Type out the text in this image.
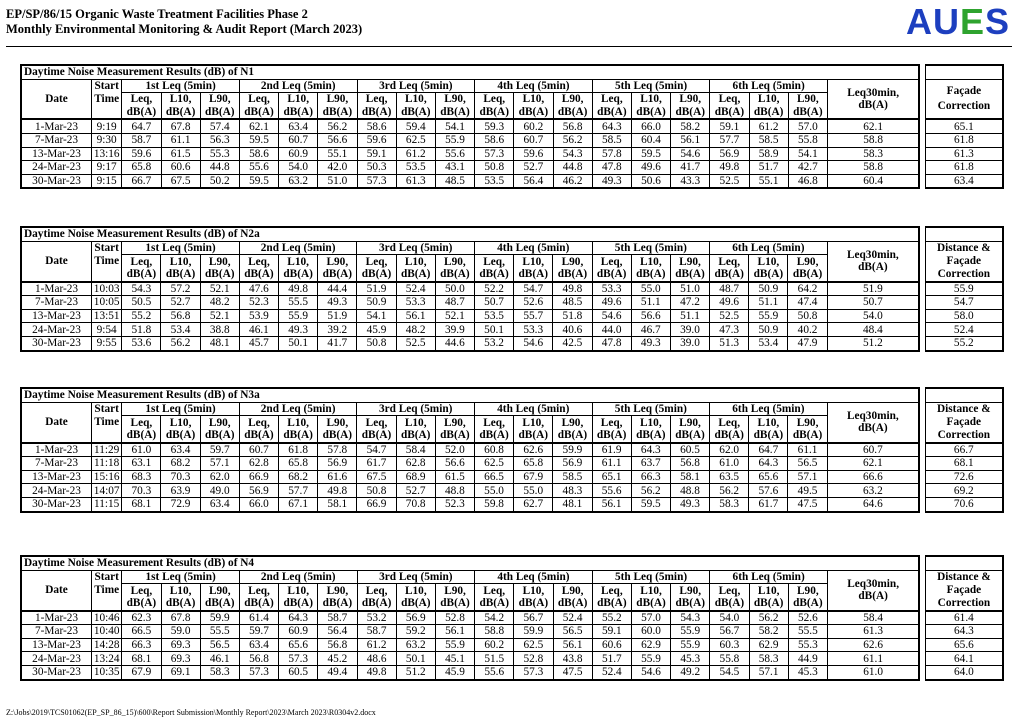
EP/SP/86/15 Organic Waste Treatment Facilities Phase 2
Monthly Environmental Monitoring & Audit Report (March 2023)	AUES
Daytime Noise Measurement Results (dB) of N1																						
Date	Start	1st Leq (5min)			2nd Leq (5min)			3rd Leq (5min)			4th Leq (5min)			5th Leq (5min)			6th Leq (5min)			Leq30min,
dB(A)		Façade
Correction
	Time	Leq,	L10,	L90,	Leq,	L10,	L90,	Leq,	L10,	L90,	Leq,	L10,	L90,	Leq,	L10,	L90,	Leq,	L10,	L90,			
		dB(A)	dB(A)	dB(A)	dB(A)	dB(A)	dB(A)	dB(A)	dB(A)	dB(A)	dB(A)	dB(A)	dB(A)	dB(A)	dB(A)	dB(A)	dB(A)	dB(A)	dB(A)			
1-Mar-23	9:19	64.7	67.8	57.4	62.1	63.4	56.2	58.6	59.4	54.1	59.3	60.2	56.8	64.3	66.0	58.2	59.1	61.2	57.0	62.1		65.1
7-Mar-23	9:30	58.7	61.1	56.3	59.5	60.7	56.6	59.6	62.5	55.9	58.6	60.7	56.2	58.5	60.4	56.1	57.7	58.5	55.8	58.8		61.8
13-Mar-23	13:16	59.6	61.5	55.3	58.6	60.9	55.1	59.1	61.2	55.6	57.3	59.6	54.3	57.8	59.5	54.6	56.9	58.9	54.1	58.3		61.3
24-Mar-23	9:17	65.8	60.6	44.8	55.6	54.0	42.0	50.3	53.5	43.1	50.8	52.7	44.8	47.8	49.6	41.7	49.8	51.7	42.7	58.8		61.8
30-Mar-23	9:15	66.7	67.5	50.2	59.5	63.2	51.0	57.3	61.3	48.5	53.5	56.4	46.2	49.3	50.6	43.3	52.5	55.1	46.8	60.4		63.4
Daytime Noise Measurement Results (dB) of N2a																						
Date	Start	1st Leq (5min)			2nd Leq (5min)			3rd Leq (5min)			4th Leq (5min)			5th Leq (5min)			6th Leq (5min)			Leq30min,
dB(A)		Distance &
Façade
Correction
	Time	Leq,	L10,	L90,	Leq,	L10,	L90,	Leq,	L10,	L90,	Leq,	L10,	L90,	Leq,	L10,	L90,	Leq,	L10,	L90,			
		dB(A)	dB(A)	dB(A)	dB(A)	dB(A)	dB(A)	dB(A)	dB(A)	dB(A)	dB(A)	dB(A)	dB(A)	dB(A)	dB(A)	dB(A)	dB(A)	dB(A)	dB(A)			
1-Mar-23	10:03	54.3	57.2	52.1	47.6	49.8	44.4	51.9	52.4	50.0	52.2	54.7	49.8	53.3	55.0	51.0	48.7	50.9	64.2	51.9		55.9
7-Mar-23	10:05	50.5	52.7	48.2	52.3	55.5	49.3	50.9	53.3	48.7	50.7	52.6	48.5	49.6	51.1	47.2	49.6	51.1	47.4	50.7		54.7
13-Mar-23	13:51	55.2	56.8	52.1	53.9	55.9	51.9	54.1	56.1	52.1	53.5	55.7	51.8	54.6	56.6	51.1	52.5	55.9	50.8	54.0		58.0
24-Mar-23	9:54	51.8	53.4	38.8	46.1	49.3	39.2	45.9	48.2	39.9	50.1	53.3	40.6	44.0	46.7	39.0	47.3	50.9	40.2	48.4		52.4
30-Mar-23	9:55	53.6	56.2	48.1	45.7	50.1	41.7	50.8	52.5	44.6	53.2	54.6	42.5	47.8	49.3	39.0	51.3	53.4	47.9	51.2		55.2
Daytime Noise Measurement Results (dB) of N3a																						
Date	Start	1st Leq (5min)			2nd Leq (5min)			3rd Leq (5min)			4th Leq (5min)			5th Leq (5min)			6th Leq (5min)			Leq30min,
dB(A)		Distance &
Façade
Correction
	Time	Leq,	L10,	L90,	Leq,	L10,	L90,	Leq,	L10,	L90,	Leq,	L10,	L90,	Leq,	L10,	L90,	Leq,	L10,	L90,			
		dB(A)	dB(A)	dB(A)	dB(A)	dB(A)	dB(A)	dB(A)	dB(A)	dB(A)	dB(A)	dB(A)	dB(A)	dB(A)	dB(A)	dB(A)	dB(A)	dB(A)	dB(A)			
1-Mar-23	11:29	61.0	63.4	59.7	60.7	61.8	57.8	54.7	58.4	52.0	60.8	62.6	59.9	61.9	64.3	60.5	62.0	64.7	61.1	60.7		66.7
7-Mar-23	11:18	63.1	68.2	57.1	62.8	65.8	56.9	61.7	62.8	56.6	62.5	65.8	56.9	61.1	63.7	56.8	61.0	64.3	56.5	62.1		68.1
13-Mar-23	15:16	68.3	70.3	62.0	66.9	68.2	61.6	67.5	68.9	61.5	66.5	67.9	58.5	65.1	66.3	58.1	63.5	65.6	57.1	66.6		72.6
24-Mar-23	14:07	70.3	63.9	49.0	56.9	57.7	49.8	50.8	52.7	48.8	55.0	55.0	48.3	55.6	56.2	48.8	56.2	57.6	49.5	63.2		69.2
30-Mar-23	11:15	68.1	72.9	63.4	66.0	67.1	58.1	66.9	70.8	52.3	59.8	62.7	48.1	56.1	59.5	49.3	58.3	61.7	47.5	64.6		70.6
Daytime Noise Measurement Results (dB) of N4																						
Date	Start	1st Leq (5min)			2nd Leq (5min)			3rd Leq (5min)			4th Leq (5min)			5th Leq (5min)			6th Leq (5min)			Leq30min,
dB(A)		Distance &
Façade
Correction
	Time	Leq,	L10,	L90,	Leq,	L10,	L90,	Leq,	L10,	L90,	Leq,	L10,	L90,	Leq,	L10,	L90,	Leq,	L10,	L90,			
		dB(A)	dB(A)	dB(A)	dB(A)	dB(A)	dB(A)	dB(A)	dB(A)	dB(A)	dB(A)	dB(A)	dB(A)	dB(A)	dB(A)	dB(A)	dB(A)	dB(A)	dB(A)			
1-Mar-23	10:46	62.3	67.8	59.9	61.4	64.3	58.7	53.2	56.9	52.8	54.2	56.7	52.4	55.2	57.0	54.3	54.0	56.2	52.6	58.4		61.4
7-Mar-23	10:40	66.5	59.0	55.5	59.7	60.9	56.4	58.7	59.2	56.1	58.8	59.9	56.5	59.1	60.0	55.9	56.7	58.2	55.5	61.3		64.3
13-Mar-23	14:28	66.3	69.3	56.5	63.4	65.6	56.8	61.2	63.2	55.9	60.2	62.5	56.1	60.6	62.9	55.9	60.3	62.9	55.3	62.6		65.6
24-Mar-23	13:24	68.1	69.3	46.1	56.8	57.3	45.2	48.6	50.1	45.1	51.5	52.8	43.8	51.7	55.9	45.3	55.8	58.3	44.9	61.1		64.1
30-Mar-23	10:35	67.9	69.1	58.3	57.3	60.5	49.4	49.8	51.2	45.9	55.6	57.3	47.5	52.4	54.6	49.2	54.5	57.1	45.3	61.0		64.0
Z:\Jobs\2019\TCS01062(EP_SP_86_15)\600\Report Submission\Monthly Report\2023\March 2023\R0304v2.docx
